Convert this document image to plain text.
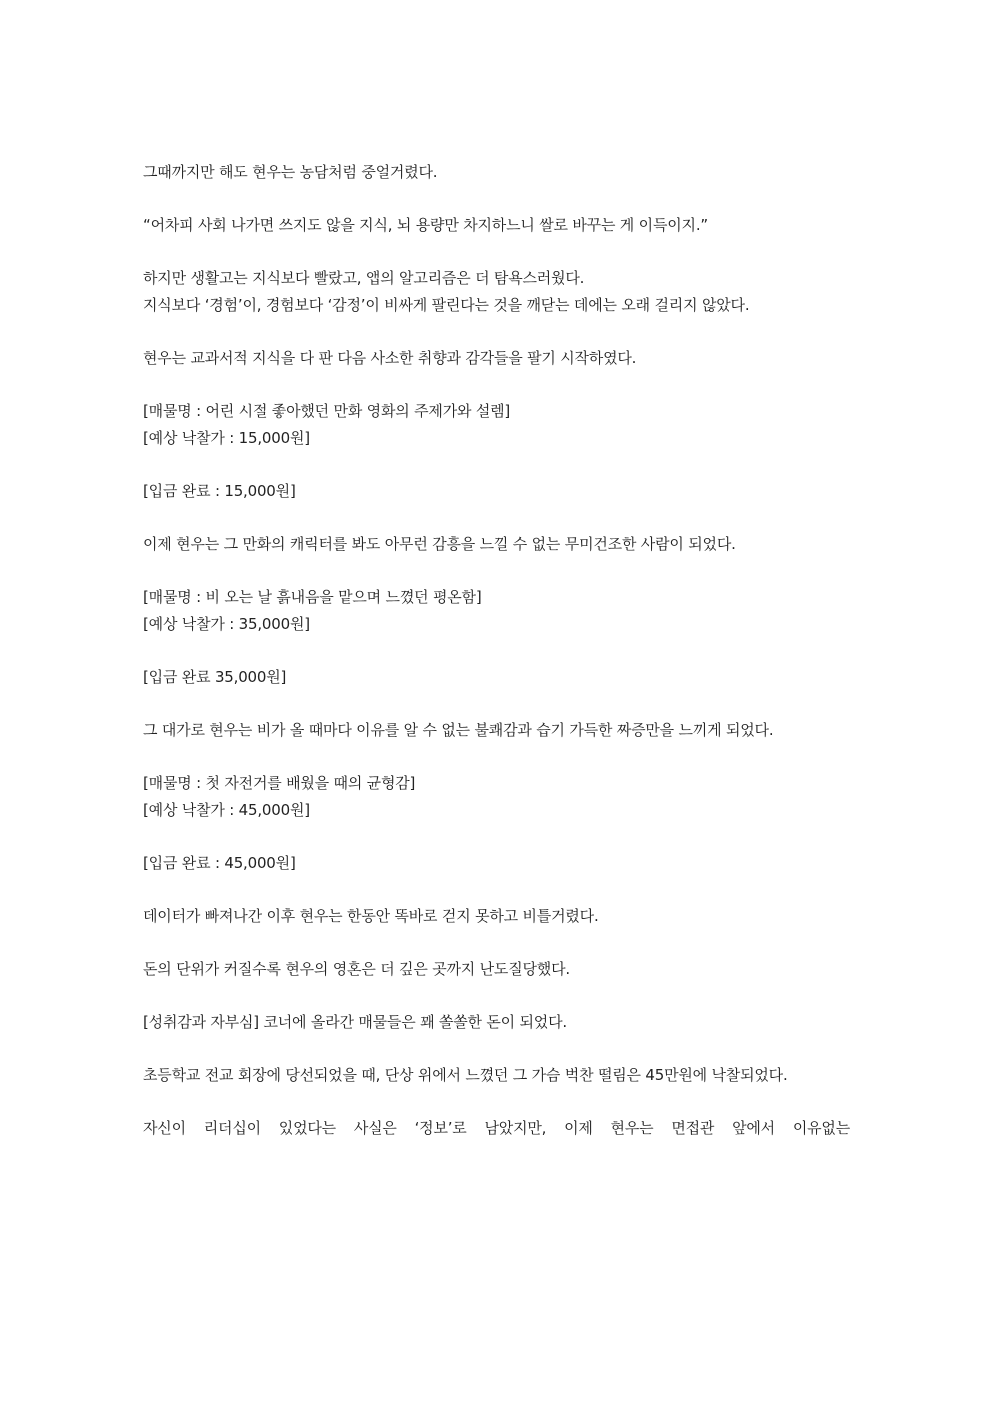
그때까지만 해도 현우는 농담처럼 중얼거렸다.

“어차피 사회 나가면 쓰지도 않을 지식, 뇌 용량만 차지하느니 쌀로 바꾸는 게 이득이지.”

하지만 생활고는 지식보다 빨랐고, 앱의 알고리즘은 더 탐욕스러웠다.

지식보다 ‘경험’이, 경험보다 ‘감정’이 비싸게 팔린다는 것을 깨닫는 데에는 오래 걸리지 않았다.

현우는 교과서적 지식을 다 판 다음 사소한 취향과 감각들을 팔기 시작하였다.

[매물명 : 어린 시절 좋아했던 만화 영화의 주제가와 설렘]

[예상 낙찰가 : 15,000원]

[입금 완료 : 15,000원]

이제 현우는 그 만화의 캐릭터를 봐도 아무런 감흥을 느낄 수 없는 무미건조한 사람이 되었다.

[매물명 : 비 오는 날 흙내음을 맡으며 느꼈던 평온함]

[예상 낙찰가 : 35,000원]

[입금 완료 35,000원]

그 대가로 현우는 비가 올 때마다 이유를 알 수 없는 불쾌감과 습기 가득한 짜증만을 느끼게 되었다.

[매물명 : 첫 자전거를 배웠을 때의 균형감]

[예상 낙찰가 : 45,000원]

[입금 완료 : 45,000원]

데이터가 빠져나간 이후 현우는 한동안 똑바로 걷지 못하고 비틀거렸다.

돈의 단위가 커질수록 현우의 영혼은 더 깊은 곳까지 난도질당했다.

[성취감과 자부심] 코너에 올라간 매물들은 꽤 쏠쏠한 돈이 되었다.

초등학교 전교 회장에 당선되었을 때, 단상 위에서 느꼈던 그 가슴 벅찬 떨림은 45만원에 낙찰되었다.

자신이 리더십이 있었다는 사실은 ‘정보’로 남았지만, 이제 현우는 면접관 앞에서 이유없는
